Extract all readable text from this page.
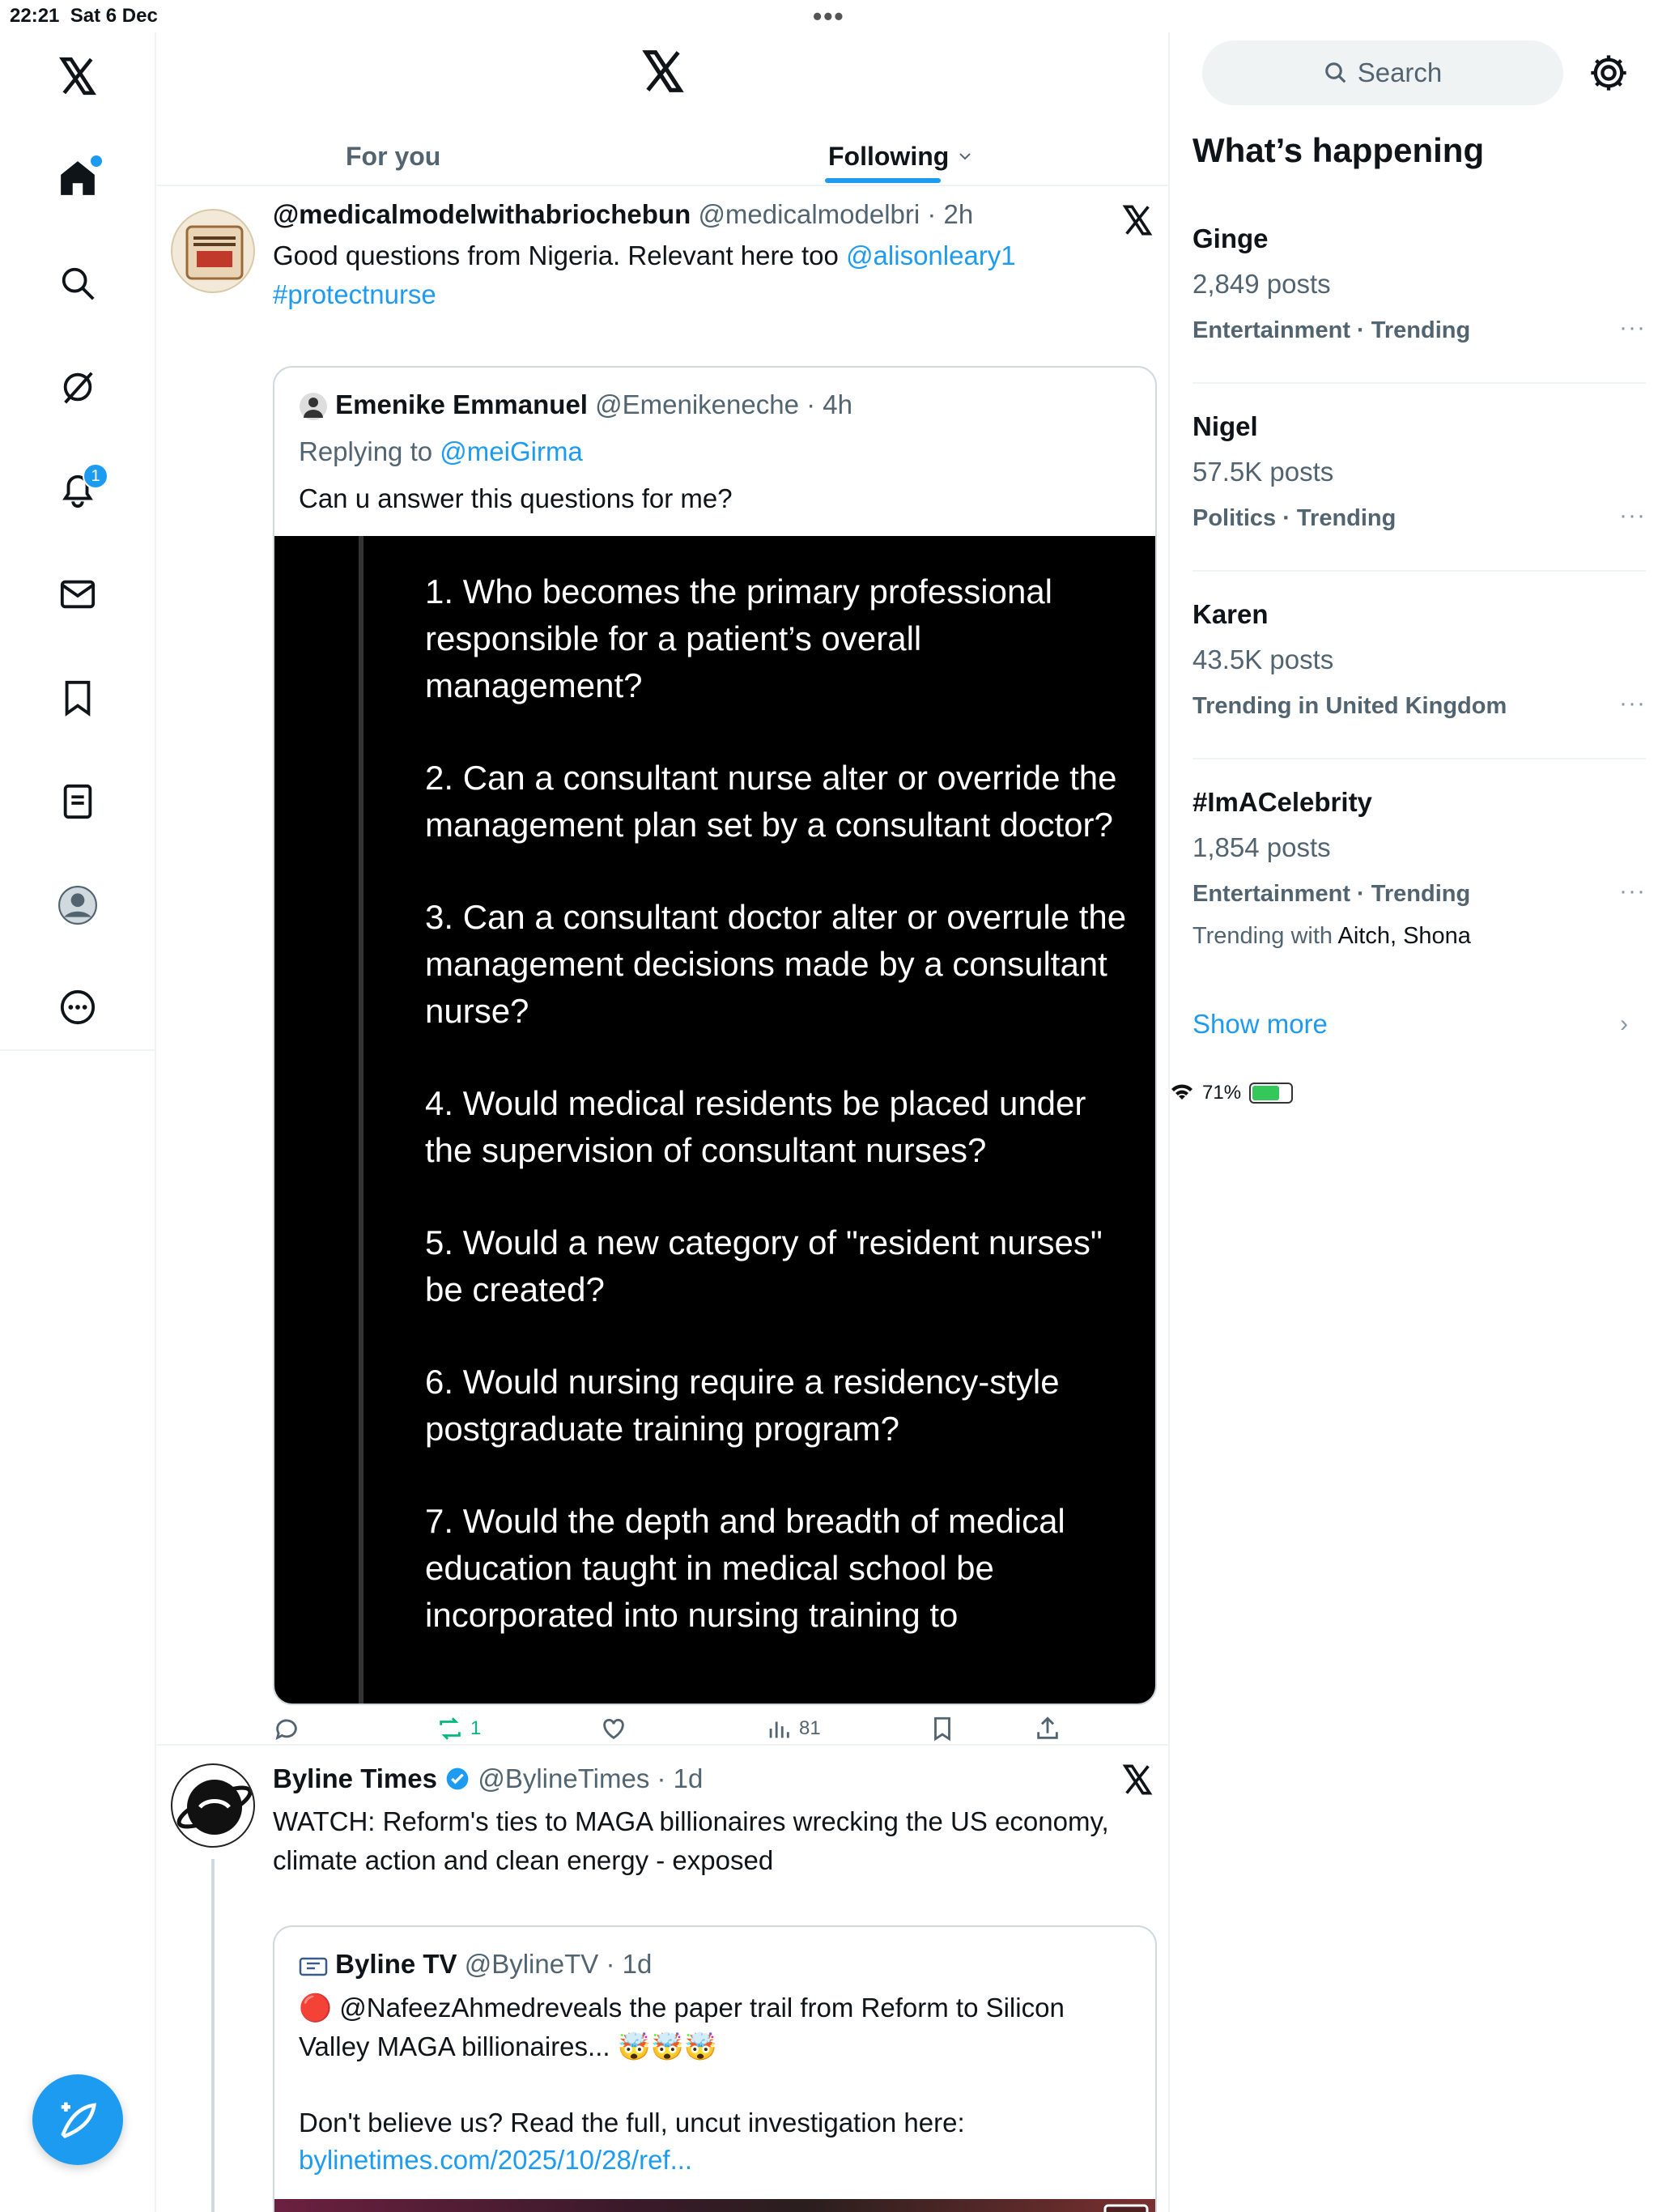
22:21 Sat 6 Dec	•••
71%
1
For you	Following
@medicalmodelwithabriochebun @medicalmodelbri · 2h
Good questions from Nigeria. Relevant here too @alisonleary1
#protectnurse
Emenike Emmanuel @Emenikeneche · 4h
Replying to @meiGirma
Can u answer this questions for me?
1. Who becomes the primary professional responsible for a patient’s overall management?
2. Can a consultant nurse alter or override the management plan set by a consultant doctor?
3. Can a consultant doctor alter or overrule the management decisions made by a consultant nurse?
4. Would medical residents be placed under the supervision of consultant nurses?
5. Would a new category of "resident nurses" be created?
6. Would nursing require a residency-style postgraduate training program?
7. Would the depth and breadth of medical education taught in medical school be incorporated into nursing training to
1	81
Byline Times @BylineTimes · 1d
WATCH: Reform's ties to MAGA billionaires wrecking the US economy, climate action and clean energy - exposed
Byline TV @BylineTV · 1d
🔴 @NafeezAhmedreveals the paper trail from Reform to Silicon Valley MAGA billionaires... 🤯🤯🤯
Don't believe us? Read the full, uncut investigation here:
bylinetimes.com/2025/10/28/ref...
Search
What’s happening
Ginge
2,849 posts
Entertainment · Trending	···
Nigel
57.5K posts
Politics · Trending	···
Karen
43.5K posts
Trending in United Kingdom	···
#ImACelebrity
1,854 posts
Entertainment · Trending
Trending with Aitch, Shona
···
Show more	›
